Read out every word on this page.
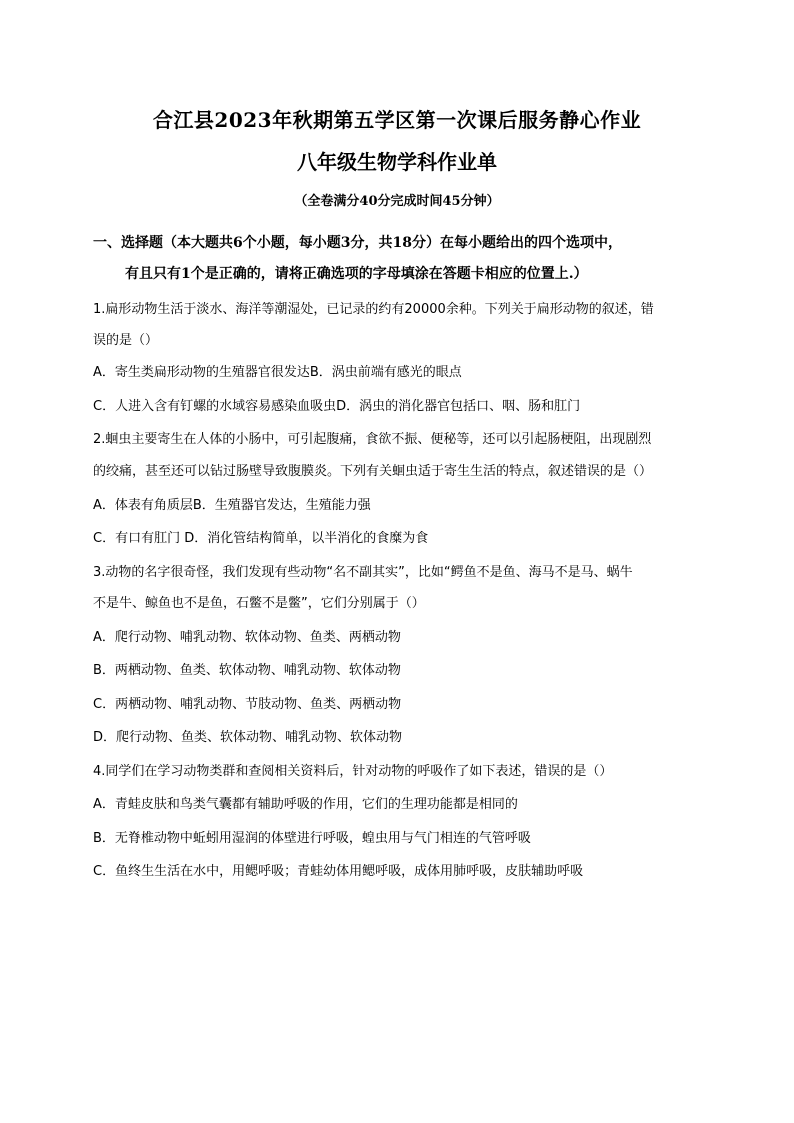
合江县2023年秋期第五学区第一次课后服务静心作业
八年级生物学科作业单
（全卷满分40分完成时间45分钟）
一、选择题（本大题共6个小题，每小题3分，共18分）在每小题给出的四个选项中，
有且只有1个是正确的，请将正确选项的字母填涂在答题卡相应的位置上.）
1.扁形动物生活于淡水、海洋等潮湿处，已记录的约有20000余种。下列关于扁形动物的叙述，错
误的是（）
A．寄生类扁形动物的生殖器官很发达B．涡虫前端有感光的眼点
C．人进入含有钉螺的水域容易感染血吸虫D．涡虫的消化器官包括口、咽、肠和肛门
2.蛔虫主要寄生在人体的小肠中，可引起腹痛，食欲不振、便秘等，还可以引起肠梗阻，出现剧烈
的绞痛，甚至还可以钻过肠壁导致腹膜炎。下列有关蛔虫适于寄生生活的特点，叙述错误的是（）
A．体表有角质层B．生殖器官发达，生殖能力强
C．有口有肛门 D．消化管结构简单，以半消化的食糜为食
3.动物的名字很奇怪，我们发现有些动物“名不副其实”，比如“鳄鱼不是鱼、海马不是马、蜗牛
不是牛、鲸鱼也不是鱼，石鳖不是鳖”，它们分别属于（）
A．爬行动物、哺乳动物、软体动物、鱼类、两栖动物
B．两栖动物、鱼类、软体动物、哺乳动物、软体动物
C．两栖动物、哺乳动物、节肢动物、鱼类、两栖动物
D．爬行动物、鱼类、软体动物、哺乳动物、软体动物
4.同学们在学习动物类群和查阅相关资料后，针对动物的呼吸作了如下表述，错误的是（）
A．青蛙皮肤和鸟类气囊都有辅助呼吸的作用，它们的生理功能都是相同的
B．无脊椎动物中蚯蚓用湿润的体壁进行呼吸，蝗虫用与气门相连的气管呼吸
C．鱼终生生活在水中，用鳃呼吸；青蛙幼体用鳃呼吸，成体用肺呼吸，皮肤辅助呼吸
